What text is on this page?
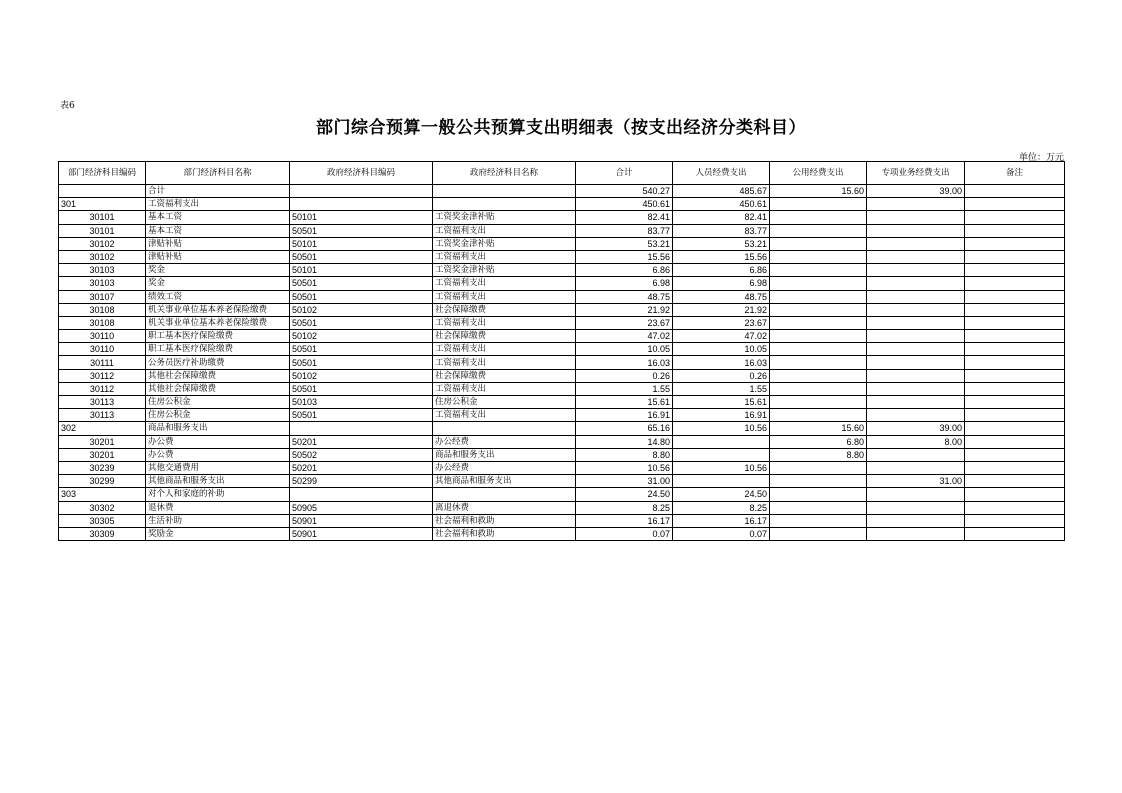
表6
部门综合预算一般公共预算支出明细表（按支出经济分类科目）
单位：万元
部门经济科目编码	部门经济科目名称	政府经济科目编码	政府经济科目名称	合计	人员经费支出	公用经费支出	专项业务经费支出	备注
	合计			540.27	485.67	15.60	39.00	
301	工资福利支出			450.61	450.61			
30101	基本工资	50101	工资奖金津补贴	82.41	82.41			
30101	基本工资	50501	工资福利支出	83.77	83.77			
30102	津贴补贴	50101	工资奖金津补贴	53.21	53.21			
30102	津贴补贴	50501	工资福利支出	15.56	15.56			
30103	奖金	50101	工资奖金津补贴	6.86	6.86			
30103	奖金	50501	工资福利支出	6.98	6.98			
30107	绩效工资	50501	工资福利支出	48.75	48.75			
30108	机关事业单位基本养老保险缴费	50102	社会保障缴费	21.92	21.92			
30108	机关事业单位基本养老保险缴费	50501	工资福利支出	23.67	23.67			
30110	职工基本医疗保险缴费	50102	社会保障缴费	47.02	47.02			
30110	职工基本医疗保险缴费	50501	工资福利支出	10.05	10.05			
30111	公务员医疗补助缴费	50501	工资福利支出	16.03	16.03			
30112	其他社会保障缴费	50102	社会保障缴费	0.26	0.26			
30112	其他社会保障缴费	50501	工资福利支出	1.55	1.55			
30113	住房公积金	50103	住房公积金	15.61	15.61			
30113	住房公积金	50501	工资福利支出	16.91	16.91			
302	商品和服务支出			65.16	10.56	15.60	39.00	
30201	办公费	50201	办公经费	14.80		6.80	8.00	
30201	办公费	50502	商品和服务支出	8.80		8.80		
30239	其他交通费用	50201	办公经费	10.56	10.56			
30299	其他商品和服务支出	50299	其他商品和服务支出	31.00			31.00	
303	对个人和家庭的补助			24.50	24.50			
30302	退休费	50905	离退休费	8.25	8.25			
30305	生活补助	50901	社会福利和救助	16.17	16.17			
30309	奖励金	50901	社会福利和救助	0.07	0.07			
